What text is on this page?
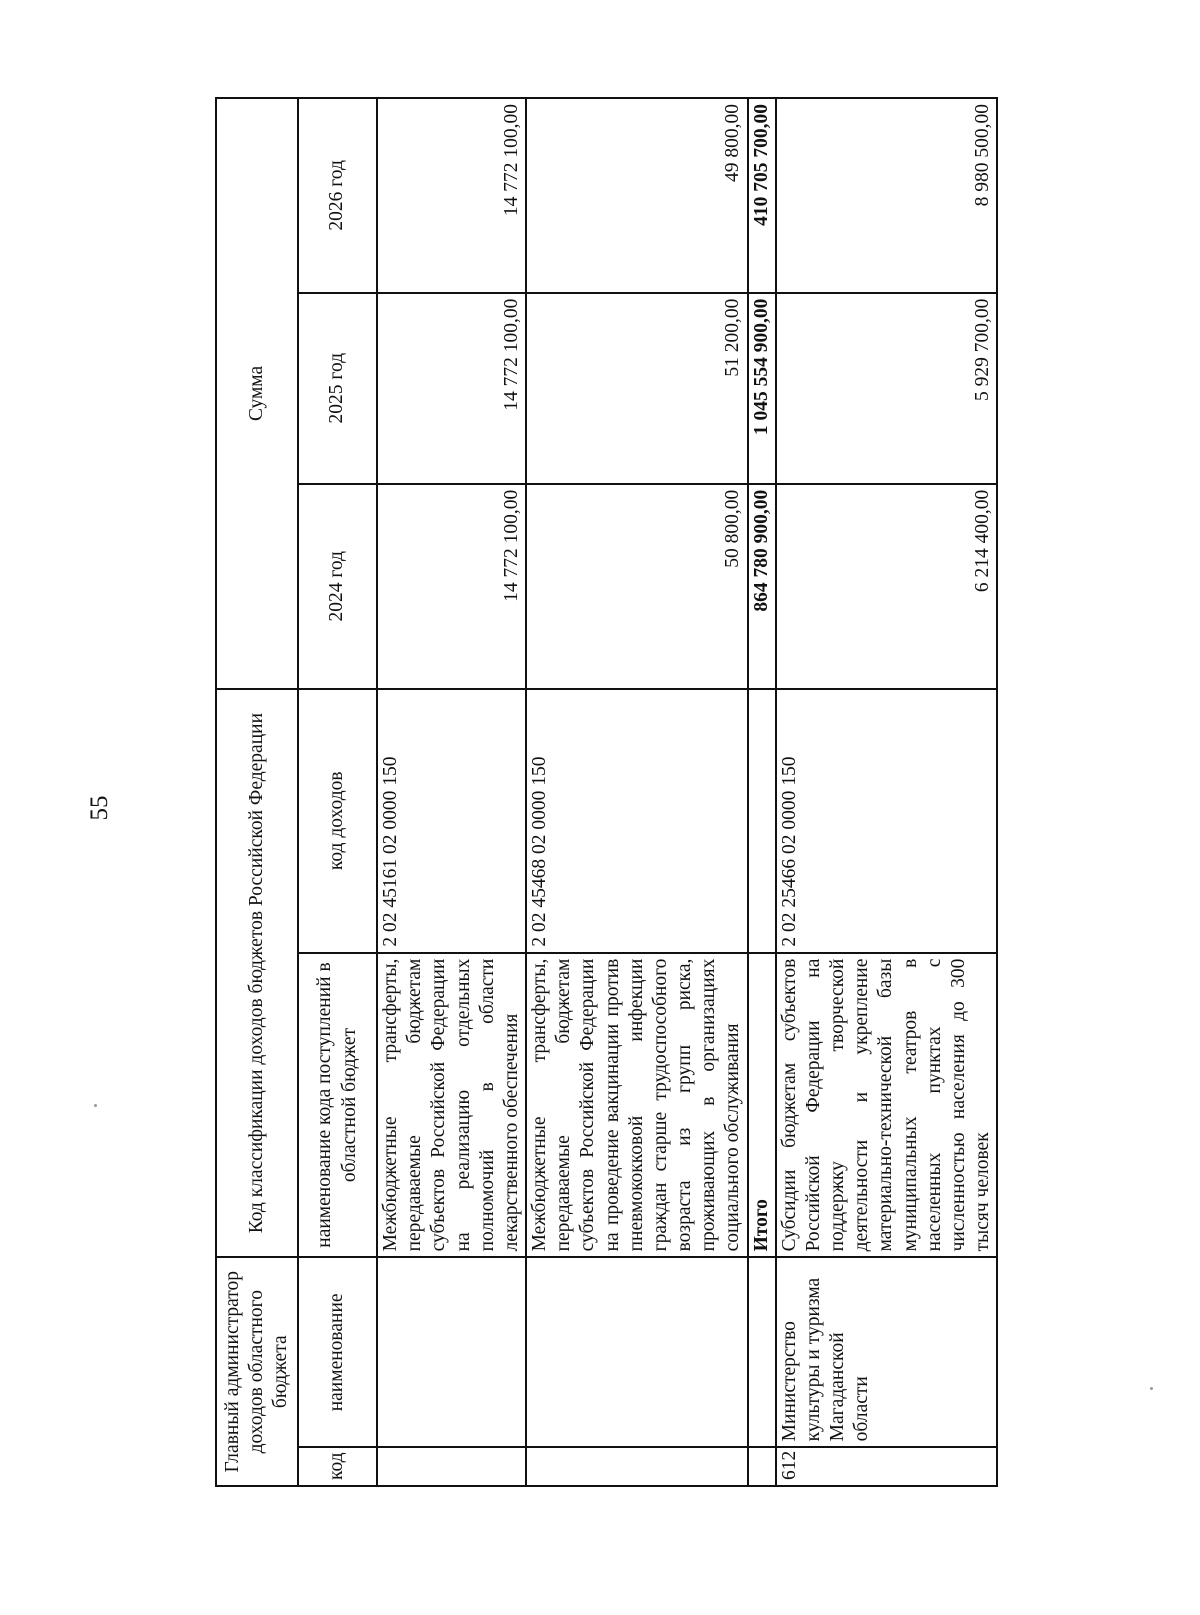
55
Главный администратор доходов областного бюджета		Код классификации доходов бюджетов Российской Федерации		Сумма		
код	наименование	наименование кода поступлений в областной бюджет	код доходов	2024 год	2025 год	2026 год
		Межбюджетные трансферты, передаваемые бюджетам субъектов Российской Федерации на реализацию отдельных полномочий в области лекарственного обеспечения	2 02 45161 02 0000 150	14 772 100,00	14 772 100,00	14 772 100,00
		Межбюджетные трансферты, передаваемые бюджетам субъектов Российской Федерации на проведение вакцинации против пневмококковой инфекции граждан старше трудоспособного возраста из групп риска, проживающих в организациях социального обслуживания	2 02 45468 02 0000 150	50 800,00	51 200,00	49 800,00
		Итого		864 780 900,00	1 045 554 900,00	410 705 700,00
612	Министерство культуры и туризма Магаданской области	Субсидии бюджетам субъектов Российской Федерации на поддержку творческой деятельности и укрепление материально-технической базы муниципальных театров в населенных пунктах с численностью населения до 300 тысяч человек	2 02 25466 02 0000 150	6 214 400,00	5 929 700,00	8 980 500,00
